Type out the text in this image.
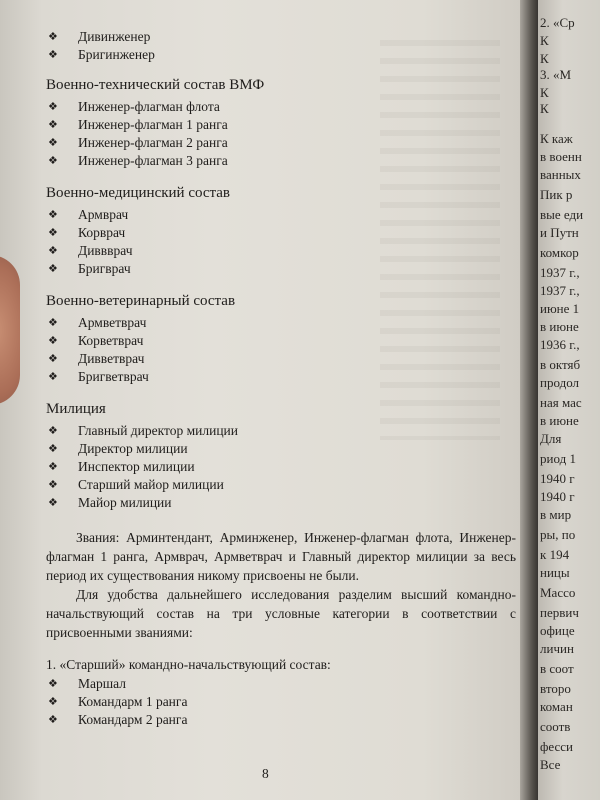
❖	Дивинженер
❖	Бригинженер
Военно-технический состав ВМФ
❖	Инженер-флагман флота
❖	Инженер-флагман 1 ранга
❖	Инженер-флагман 2 ранга
❖	Инженер-флагман 3 ранга
Военно-медицинский состав
❖	Армврач
❖	Корврач
❖	Диввврач
❖	Бригврач
Военно-ветеринарный состав
❖	Армветврач
❖	Корветврач
❖	Дивветврач
❖	Бригветврач
Милиция
❖	Главный директор милиции
❖	Директор милиции
❖	Инспектор милиции
❖	Старший майор милиции
❖	Майор милиции

Звания: Арминтендант, Арминженер, Инженер-флагман флота, Инженер-флагман 1 ранга, Армврач, Армветврач и Главный директор милиции за весь период их существования никому присвоены не были.

Для удобства дальнейшего исследования разделим высший командно-начальствующий состав на три условные категории в соответствии с присвоенными званиями:

1. «Старший» командно-начальствующий состав:
❖	Маршал
❖	Командарм 1 ранга
❖	Командарм 2 ранга
8
2. «Ср
К
К
3. «М
К
К
К каж
в военн
ванных
Пик р
вые еди
и Путн
комкор
1937 г.,
1937 г.,
июне 1
в июне
1936 г.,
в октяб
продол
ная мас
в июне
Для
риод 1
1940 г
1940 г
в мир
ры, по
к 194
ницы
Массо
первич
офице
личин
в соот
второ
коман
соотв
фесси
Все
